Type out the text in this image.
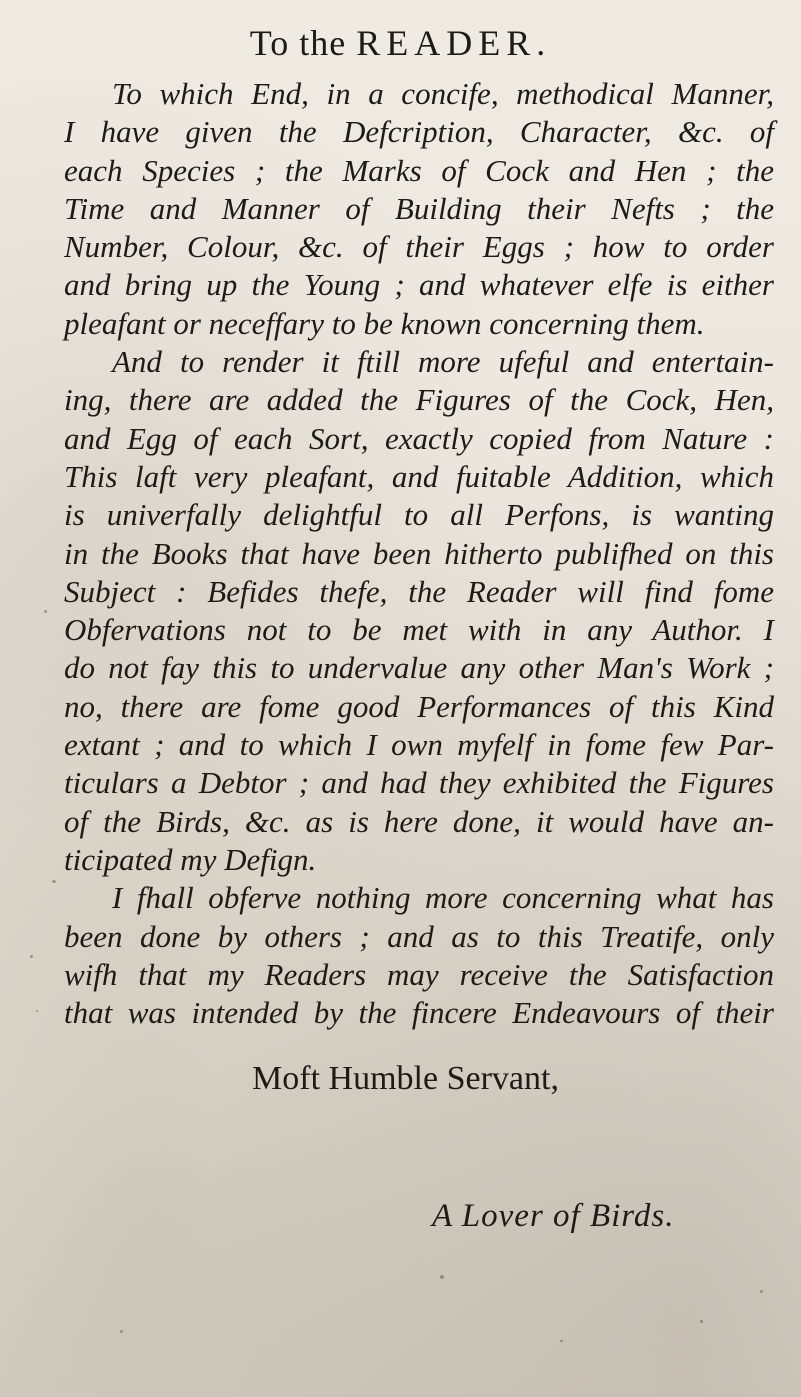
To the READER.
To which End, in a concife, methodical Manner,
I have given the Defcription, Character, &c. of
each Species ; the Marks of Cock and Hen ; the
Time and Manner of Building their Nefts ; the
Number, Colour, &c. of their Eggs ; how to order
and bring up the Young ; and whatever elfe is either
pleafant or neceffary to be known concerning them.
And to render it ftill more ufeful and entertain-
ing, there are added the Figures of the Cock, Hen,
and Egg of each Sort, exactly copied from Nature :
This laft very pleafant, and fuitable Addition, which
is univerfally delightful to all Perfons, is wanting
in the Books that have been hitherto publifhed on this
Subject : Befides thefe, the Reader will find fome
Obfervations not to be met with in any Author. I
do not fay this to undervalue any other Man's Work ;
no, there are fome good Performances of this Kind
extant ; and to which I own myfelf in fome few Par-
ticulars a Debtor ; and had they exhibited the Figures
of the Birds, &c. as is here done, it would have an-
ticipated my Defign.
I fhall obferve nothing more concerning what has
been done by others ; and as to this Treatife, only
wifh that my Readers may receive the Satisfaction
that was intended by the fincere Endeavours of their
Moft Humble Servant,
A Lover of Birds.
